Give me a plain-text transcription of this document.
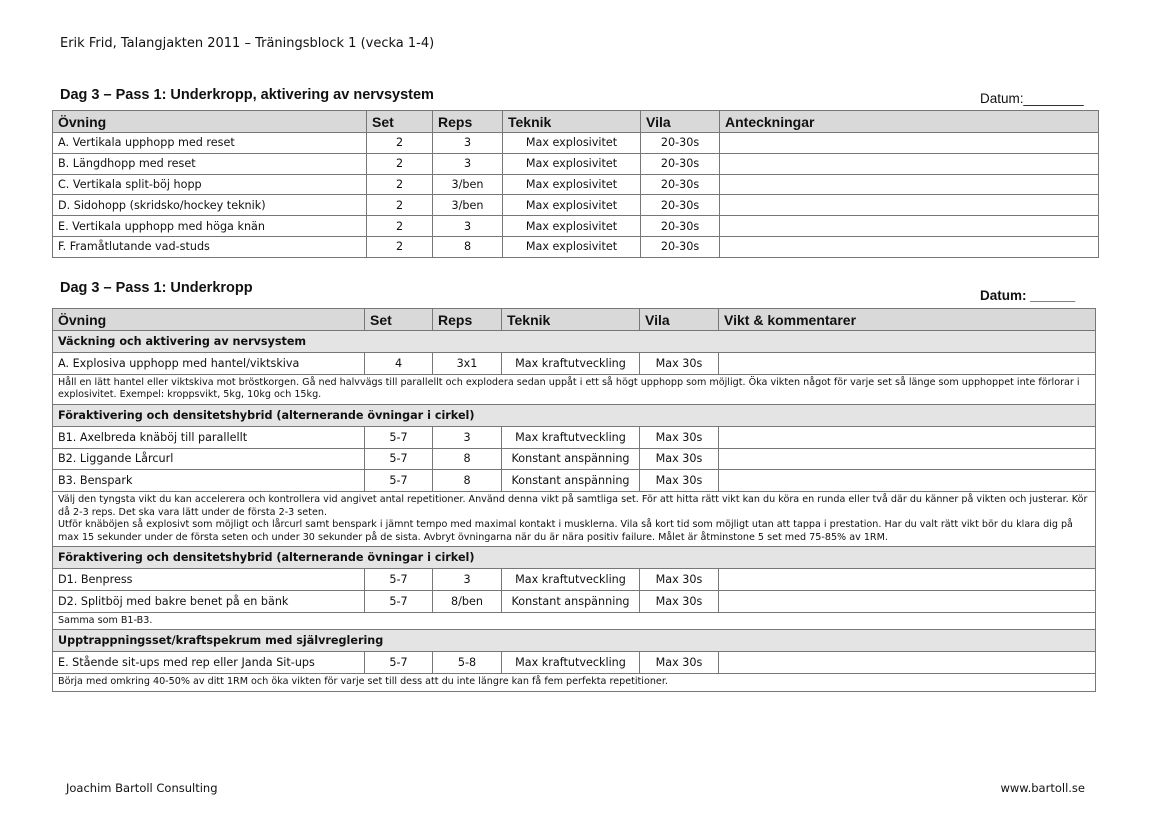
Erik Frid, Talangjakten 2011 – Träningsblock 1 (vecka 1-4)
Dag 3 – Pass 1: Underkropp, aktivering av nervsystem	Datum:________
Övning	Set	Reps	Teknik	Vila	Anteckningar
A. Vertikala upphopp med reset	2	3	Max explosivitet	20-30s	
B. Längdhopp med reset	2	3	Max explosivitet	20-30s	
C. Vertikala split-böj hopp	2	3/ben	Max explosivitet	20-30s	
D. Sidohopp (skridsko/hockey teknik)	2	3/ben	Max explosivitet	20-30s	
E. Vertikala upphopp med höga knän	2	3	Max explosivitet	20-30s	
F. Framåtlutande vad-studs	2	8	Max explosivitet	20-30s	
Dag 3 – Pass 1: Underkropp	Datum: ______
Övning	Set	Reps	Teknik	Vila	Vikt & kommentarer
Väckning och aktivering av nervsystem					
A. Explosiva upphopp med hantel/viktskiva	4	3x1	Max kraftutveckling	Max 30s	
Håll en lätt hantel eller viktskiva mot bröstkorgen. Gå ned halvvägs till parallellt och explodera sedan uppåt i ett så högt upphopp som möjligt. Öka vikten något för varje set så länge som upphoppet inte förlorar i explosivitet. Exempel: kroppsvikt, 5kg, 10kg och 15kg.					
Föraktivering och densitetshybrid (alternerande övningar i cirkel)					
B1. Axelbreda knäböj till parallellt	5-7	3	Max kraftutveckling	Max 30s	
B2. Liggande Lårcurl	5-7	8	Konstant anspänning	Max 30s	
B3. Benspark	5-7	8	Konstant anspänning	Max 30s	

Välj den tyngsta vikt du kan accelerera och kontrollera vid angivet antal repetitioner. Använd denna vikt på samtliga set. För att hitta rätt vikt kan du köra en runda eller två där du känner på vikten och justerar. Kör då 2-3 reps. Det ska vara lätt under de första 2-3 seten.
Utför knäböjen så explosivt som möjligt och lårcurl samt benspark i jämnt tempo med maximal kontakt i musklerna. Vila så kort tid som möjligt utan att tappa i prestation. Har du valt rätt vikt bör du klara dig på max 15 sekunder under de första seten och under 30 sekunder på de sista. Avbryt övningarna när du är nära positiv failure. Målet är åtminstone 5 set med 75-85% av 1RM.					

Föraktivering och densitetshybrid (alternerande övningar i cirkel)					
D1. Benpress	5-7	3	Max kraftutveckling	Max 30s	
D2. Splitböj med bakre benet på en bänk	5-7	8/ben	Konstant anspänning	Max 30s	
Samma som B1-B3.					
Upptrappningsset/kraftspekrum med självreglering					
E. Stående sit-ups med rep eller Janda Sit-ups	5-7	5-8	Max kraftutveckling	Max 30s	
Börja med omkring 40-50% av ditt 1RM och öka vikten för varje set till dess att du inte längre kan få fem perfekta repetitioner.					
Joachim Bartoll Consulting	www.bartoll.se
